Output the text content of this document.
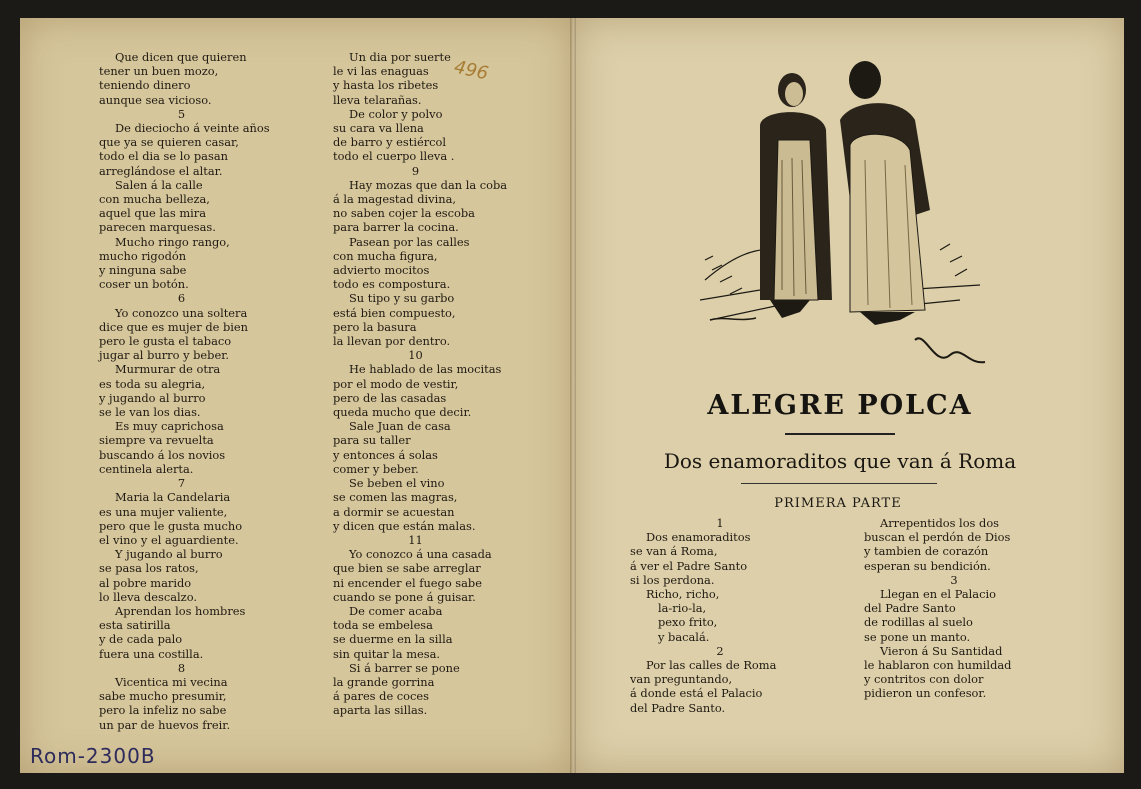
Que dicen que quieren
tener un buen mozo,
teniendo dinero
aunque sea vicioso.
5
De dieciocho á veinte años
que ya se quieren casar,
todo el dia se lo pasan
arreglándose el altar.
Salen á la calle
con mucha belleza,
aquel que las mira
parecen marquesas.
Mucho ringo rango,
mucho rigodón
y ninguna sabe
coser un botón.
6
Yo conozco una soltera
dice que es mujer de bien
pero le gusta el tabaco
jugar al burro y beber.
Murmurar de otra
es toda su alegria,
y jugando al burro
se le van los dias.
Es muy caprichosa
siempre va revuelta
buscando á los novios
centinela alerta.
7
Maria la Candelaria
es una mujer valiente,
pero que le gusta mucho
el vino y el aguardiente.
Y jugando al burro
se pasa los ratos,
al pobre marido
lo lleva descalzo.
Aprendan los hombres
esta satirilla
y de cada palo
fuera una costilla.
8
Vicentica mi vecina
sabe mucho presumir,
pero la infeliz no sabe
un par de huevos freir.
Un dia por suerte
le vi las enaguas
y hasta los ribetes
lleva telarañas.
De color y polvo
su cara va llena
de barro y estiércol
todo el cuerpo lleva .
9
Hay mozas que dan la coba
á la magestad divina,
no saben cojer la escoba
para barrer la cocina.
Pasean por las calles
con mucha figura,
advierto mocitos
todo es compostura.
Su tipo y su garbo
está bien compuesto,
pero la basura
la llevan por dentro.
10
He hablado de las mocitas
por el modo de vestir,
pero de las casadas
queda mucho que decir.
Sale Juan de casa
para su taller
y entonces á solas
comer y beber.
Se beben el vino
se comen las magras,
a dormir se acuestan
y dicen que están malas.
11
Yo conozco á una casada
que bien se sabe arreglar
ni encender el fuego sabe
cuando se pone á guisar.
De comer acaba
toda se embelesa
se duerme en la silla
sin quitar la mesa.
Si á barrer se pone
la grande gorrina
á pares de coces
aparta las sillas.
496
Rom-2300B
ALEGRE POLCA
Dos enamoraditos que van á Roma
PRIMERA PARTE
1
Dos enamoraditos
se van á Roma,
á ver el Padre Santo
si los perdona.
Richo, richo,
la-rio-la,
pexo frito,
y bacalá.
2
Por las calles de Roma
van preguntando,
á donde está el Palacio
del Padre Santo.
Arrepentidos los dos
buscan el perdón de Dios
y tambien de corazón
esperan su bendición.
3
Llegan en el Palacio
del Padre Santo
de rodillas al suelo
se pone un manto.
Vieron á Su Santidad
le hablaron con humildad
y contritos con dolor
pidieron un confesor.
